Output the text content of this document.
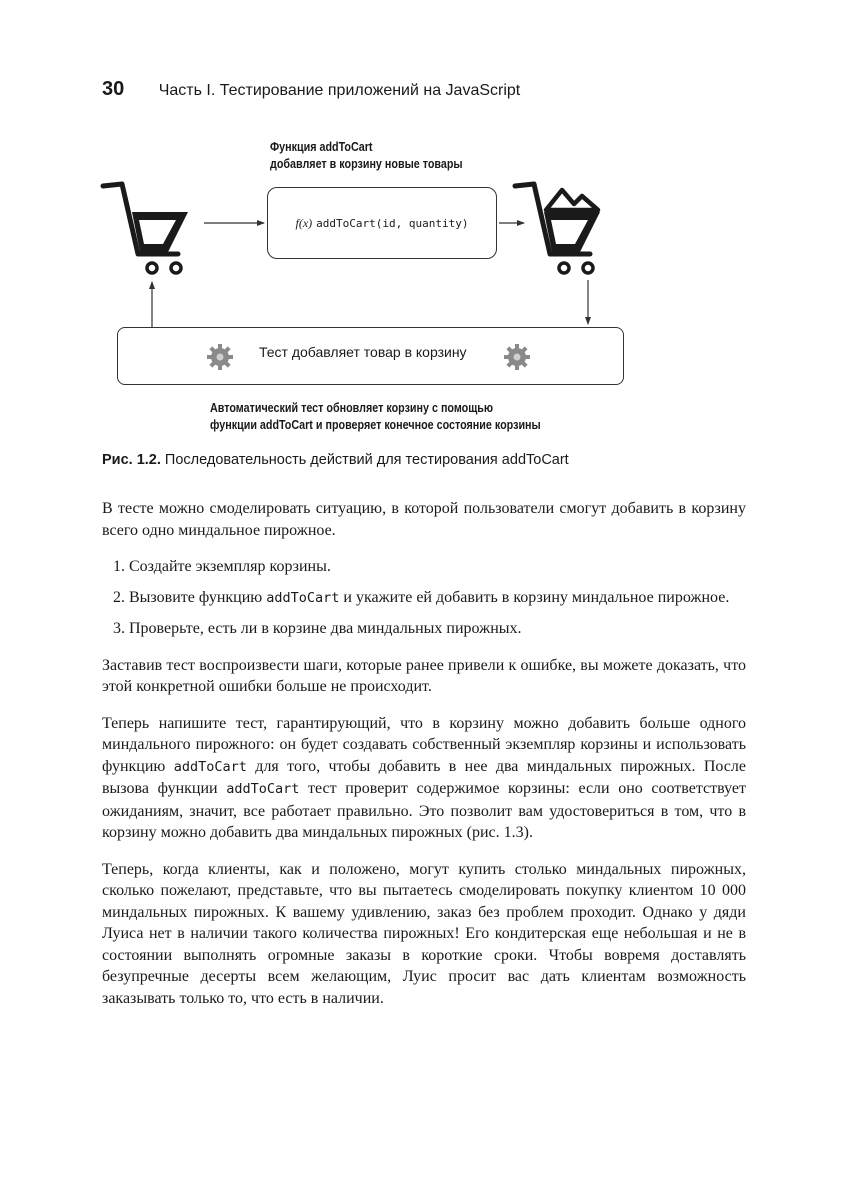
30 Часть I. Тестирование приложений на JavaScript
Функция addToCart
добавляет в корзину новые товары
f(x) addToCart(id, quantity)
Тест добавляет товар в корзину
Автоматический тест обновляет корзину с помощью
функции addToCart и проверяет конечное состояние корзины
Рис. 1.2. Последовательность действий для тестирования addToCart

В тесте можно смоделировать ситуацию, в которой пользователи смогут добавить в корзину всего одно миндальное пирожное.

1. Создайте экземпляр корзины.
2. Вызовите функцию addToCart и укажите ей добавить в корзину миндальное пирожное.
3. Проверьте, есть ли в корзине два миндальных пирожных.

Заставив тест воспроизвести шаги, которые ранее привели к ошибке, вы можете доказать, что этой конкретной ошибки больше не происходит.

Теперь напишите тест, гарантирующий, что в корзину можно добавить больше одного миндального пирожного: он будет создавать собственный экземпляр корзины и использовать функцию addToCart для того, чтобы добавить в нее два миндальных пирожных. После вызова функции addToCart тест проверит содержимое корзины: если оно соответствует ожиданиям, значит, все работает правильно. Это позволит вам удостовериться в том, что в корзину можно добавить два миндальных пирожных (рис. 1.3).

Теперь, когда клиенты, как и положено, могут купить столько миндальных пирожных, сколько пожелают, представьте, что вы пытаетесь смоделировать покупку клиентом 10 000 миндальных пирожных. К вашему удивлению, заказ без проблем проходит. Однако у дяди Луиса нет в наличии такого количества пирожных! Его кондитерская еще небольшая и не в состоянии выполнять огромные заказы в короткие сроки. Чтобы вовремя доставлять безупречные десерты всем желающим, Луис просит вас дать клиентам возможность заказывать только то, что есть в наличии.
